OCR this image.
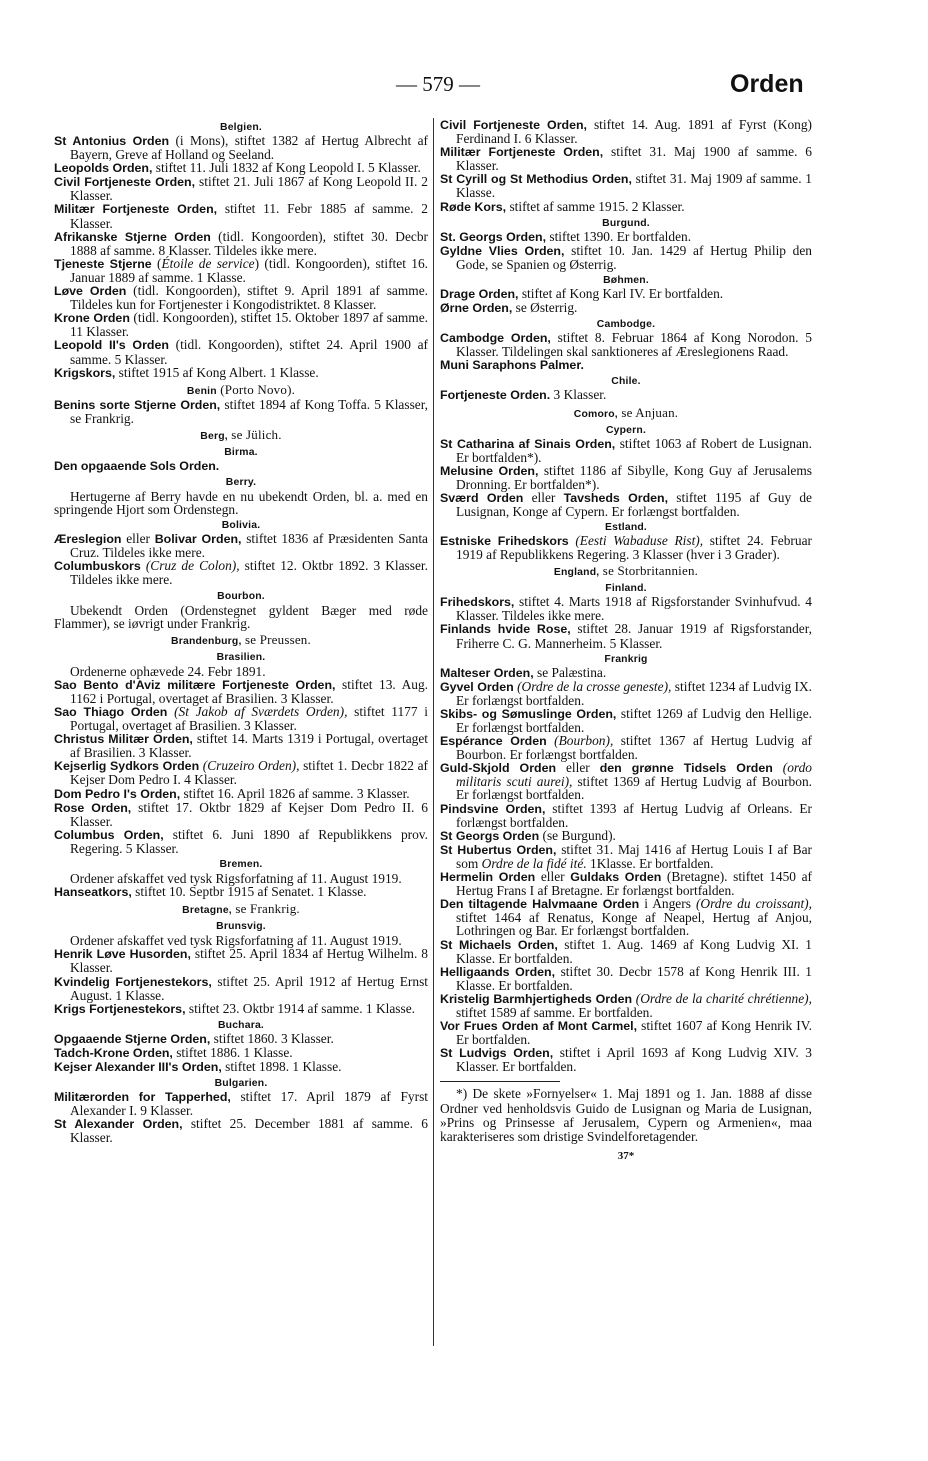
— 579 —	Orden
Belgien.
St Antonius Orden (i Mons), stiftet 1382 af Hertug Albrecht af Bayern, Greve af Holland og Seeland.
Leopolds Orden, stiftet 11. Juli 1832 af Kong Leopold I. 5 Klasser.
Civil Fortjeneste Orden, stiftet 21. Juli 1867 af Kong Leopold II. 2 Klasser.
Militær Fortjeneste Orden, stiftet 11. Febr 1885 af samme. 2 Klasser.
Afrikanske Stjerne Orden (tidl. Kongoorden), stiftet 30. Decbr 1888 af samme. 8 Klasser. Tildeles ikke mere.
Tjeneste Stjerne (Étoile de service) (tidl. Kongoorden), stiftet 16. Januar 1889 af samme. 1 Klasse.
Løve Orden (tidl. Kongoorden), stiftet 9. April 1891 af samme. Tildeles kun for Fortjenester i Kongodistriktet. 8 Klasser.
Krone Orden (tidl. Kongoorden), stiftet 15. Oktober 1897 af samme. 11 Klasser.
Leopold II's Orden (tidl. Kongoorden), stiftet 24. April 1900 af samme. 5 Klasser.
Krigskors, stiftet 1915 af Kong Albert. 1 Klasse.
Benin (Porto Novo).
Benins sorte Stjerne Orden, stiftet 1894 af Kong Toffa. 5 Klasser, se Frankrig.
Berg, se Jülich.
Birma.
Den opgaaende Sols Orden.
Berry.
Hertugerne af Berry havde en nu ubekendt Orden, bl. a. med en springende Hjort som Ordenstegn.
Bolivia.
Æreslegion eller Bolivar Orden, stiftet 1836 af Præsidenten Santa Cruz. Tildeles ikke mere.
Columbuskors (Cruz de Colon), stiftet 12. Oktbr 1892. 3 Klasser. Tildeles ikke mere.
Bourbon.
Ubekendt Orden (Ordenstegnet gyldent Bæger med røde Flammer), se iøvrigt under Frankrig.
Brandenburg, se Preussen.
Brasilien.
Ordenerne ophævede 24. Febr 1891.
Sao Bento d'Aviz militære Fortjeneste Orden, stiftet 13. Aug. 1162 i Portugal, overtaget af Brasilien. 3 Klasser.
Sao Thiago Orden (St Jakob af Sværdets Orden), stiftet 1177 i Portugal, overtaget af Brasilien. 3 Klasser.
Christus Militær Orden, stiftet 14. Marts 1319 i Portugal, overtaget af Brasilien. 3 Klasser.
Kejserlig Sydkors Orden (Cruzeiro Orden), stiftet 1. Decbr 1822 af Kejser Dom Pedro I. 4 Klasser.
Dom Pedro I's Orden, stiftet 16. April 1826 af samme. 3 Klasser.
Rose Orden, stiftet 17. Oktbr 1829 af Kejser Dom Pedro II. 6 Klasser.
Columbus Orden, stiftet 6. Juni 1890 af Republikkens prov. Regering. 5 Klasser.
Bremen.
Ordener afskaffet ved tysk Rigsforfatning af 11. August 1919.
Hanseatkors, stiftet 10. Septbr 1915 af Senatet. 1 Klasse.
Bretagne, se Frankrig.
Brunsvig.
Ordener afskaffet ved tysk Rigsforfatning af 11. August 1919.
Henrik Løve Husorden, stiftet 25. April 1834 af Hertug Wilhelm. 8 Klasser.
Kvindelig Fortjenestekors, stiftet 25. April 1912 af Hertug Ernst August. 1 Klasse.
Krigs Fortjenestekors, stiftet 23. Oktbr 1914 af samme. 1 Klasse.
Buchara.
Opgaaende Stjerne Orden, stiftet 1860. 3 Klasser.
Tadch-Krone Orden, stiftet 1886. 1 Klasse.
Kejser Alexander III's Orden, stiftet 1898. 1 Klasse.
Bulgarien.
Militærorden for Tapperhed, stiftet 17. April 1879 af Fyrst Alexander I. 9 Klasser.
St Alexander Orden, stiftet 25. December 1881 af samme. 6 Klasser.
Civil Fortjeneste Orden, stiftet 14. Aug. 1891 af Fyrst (Kong) Ferdinand I. 6 Klasser.
Militær Fortjeneste Orden, stiftet 31. Maj 1900 af samme. 6 Klasser.
St Cyrill og St Methodius Orden, stiftet 31. Maj 1909 af samme. 1 Klasse.
Røde Kors, stiftet af samme 1915. 2 Klasser.
Burgund.
St. Georgs Orden, stiftet 1390. Er bortfalden.
Gyldne Vlies Orden, stiftet 10. Jan. 1429 af Hertug Philip den Gode, se Spanien og Østerrig.
Bøhmen.
Drage Orden, stiftet af Kong Karl IV. Er bortfalden.
Ørne Orden, se Østerrig.
Cambodge.
Cambodge Orden, stiftet 8. Februar 1864 af Kong Norodon. 5 Klasser. Tildelingen skal sanktioneres af Æreslegionens Raad.
Muni Saraphons Palmer.
Chile.
Fortjeneste Orden. 3 Klasser.
Comoro, se Anjuan.
Cypern.
St Catharina af Sinais Orden, stiftet 1063 af Robert de Lusignan. Er bortfalden*).
Melusine Orden, stiftet 1186 af Sibylle, Kong Guy af Jerusalems Dronning. Er bortfalden*).
Sværd Orden eller Tavsheds Orden, stiftet 1195 af Guy de Lusignan, Konge af Cypern. Er forlængst bortfalden.
Estland.
Estniske Frihedskors (Eesti Wabaduse Rist), stiftet 24. Februar 1919 af Republikkens Regering. 3 Klasser (hver i 3 Grader).
England, se Storbritannien.
Finland.
Frihedskors, stiftet 4. Marts 1918 af Rigsforstander Svinhufvud. 4 Klasser. Tildeles ikke mere.
Finlands hvide Rose, stiftet 28. Januar 1919 af Rigsforstander, Friherre C. G. Mannerheim. 5 Klasser.
Frankrig
Malteser Orden, se Palæstina.
Gyvel Orden (Ordre de la crosse geneste), stiftet 1234 af Ludvig IX. Er forlængst bortfalden.
Skibs- og Sømuslinge Orden, stiftet 1269 af Ludvig den Hellige. Er forlængst bortfalden.
Espérance Orden (Bourbon), stiftet 1367 af Hertug Ludvig af Bourbon. Er forlængst bortfalden.
Guld-Skjold Orden eller den grønne Tidsels Orden (ordo militaris scuti aurei), stiftet 1369 af Hertug Ludvig af Bourbon. Er forlængst bortfalden.
Pindsvine Orden, stiftet 1393 af Hertug Ludvig af Orleans. Er forlængst bortfalden.
St Georgs Orden (se Burgund).
St Hubertus Orden, stiftet 31. Maj 1416 af Hertug Louis I af Bar som Ordre de la fidé ité. 1Klasse. Er bortfalden.
Hermelin Orden eller Guldaks Orden (Bretagne). stiftet 1450 af Hertug Frans I af Bretagne. Er forlængst bortfalden.
Den tiltagende Halvmaane Orden i Angers (Ordre du croissant), stiftet 1464 af Renatus, Konge af Neapel, Hertug af Anjou, Lothringen og Bar. Er forlængst bortfalden.
St Michaels Orden, stiftet 1. Aug. 1469 af Kong Ludvig XI. 1 Klasse. Er bortfalden.
Helligaands Orden, stiftet 30. Decbr 1578 af Kong Henrik III. 1 Klasse. Er bortfalden.
Kristelig Barmhjertigheds Orden (Ordre de la charité chrétienne), stiftet 1589 af samme. Er bortfalden.
Vor Frues Orden af Mont Carmel, stiftet 1607 af Kong Henrik IV. Er bortfalden.
St Ludvigs Orden, stiftet i April 1693 af Kong Ludvig XIV. 3 Klasser. Er bortfalden.
*) De skete »Fornyelser« 1. Maj 1891 og 1. Jan. 1888 af disse Ordner ved henholdsvis Guido de Lusignan og Maria de Lusignan, »Prins og Prinsesse af Jerusalem, Cypern og Armenien«, maa karakteriseres som dristige Svindelforetagender.
37*
